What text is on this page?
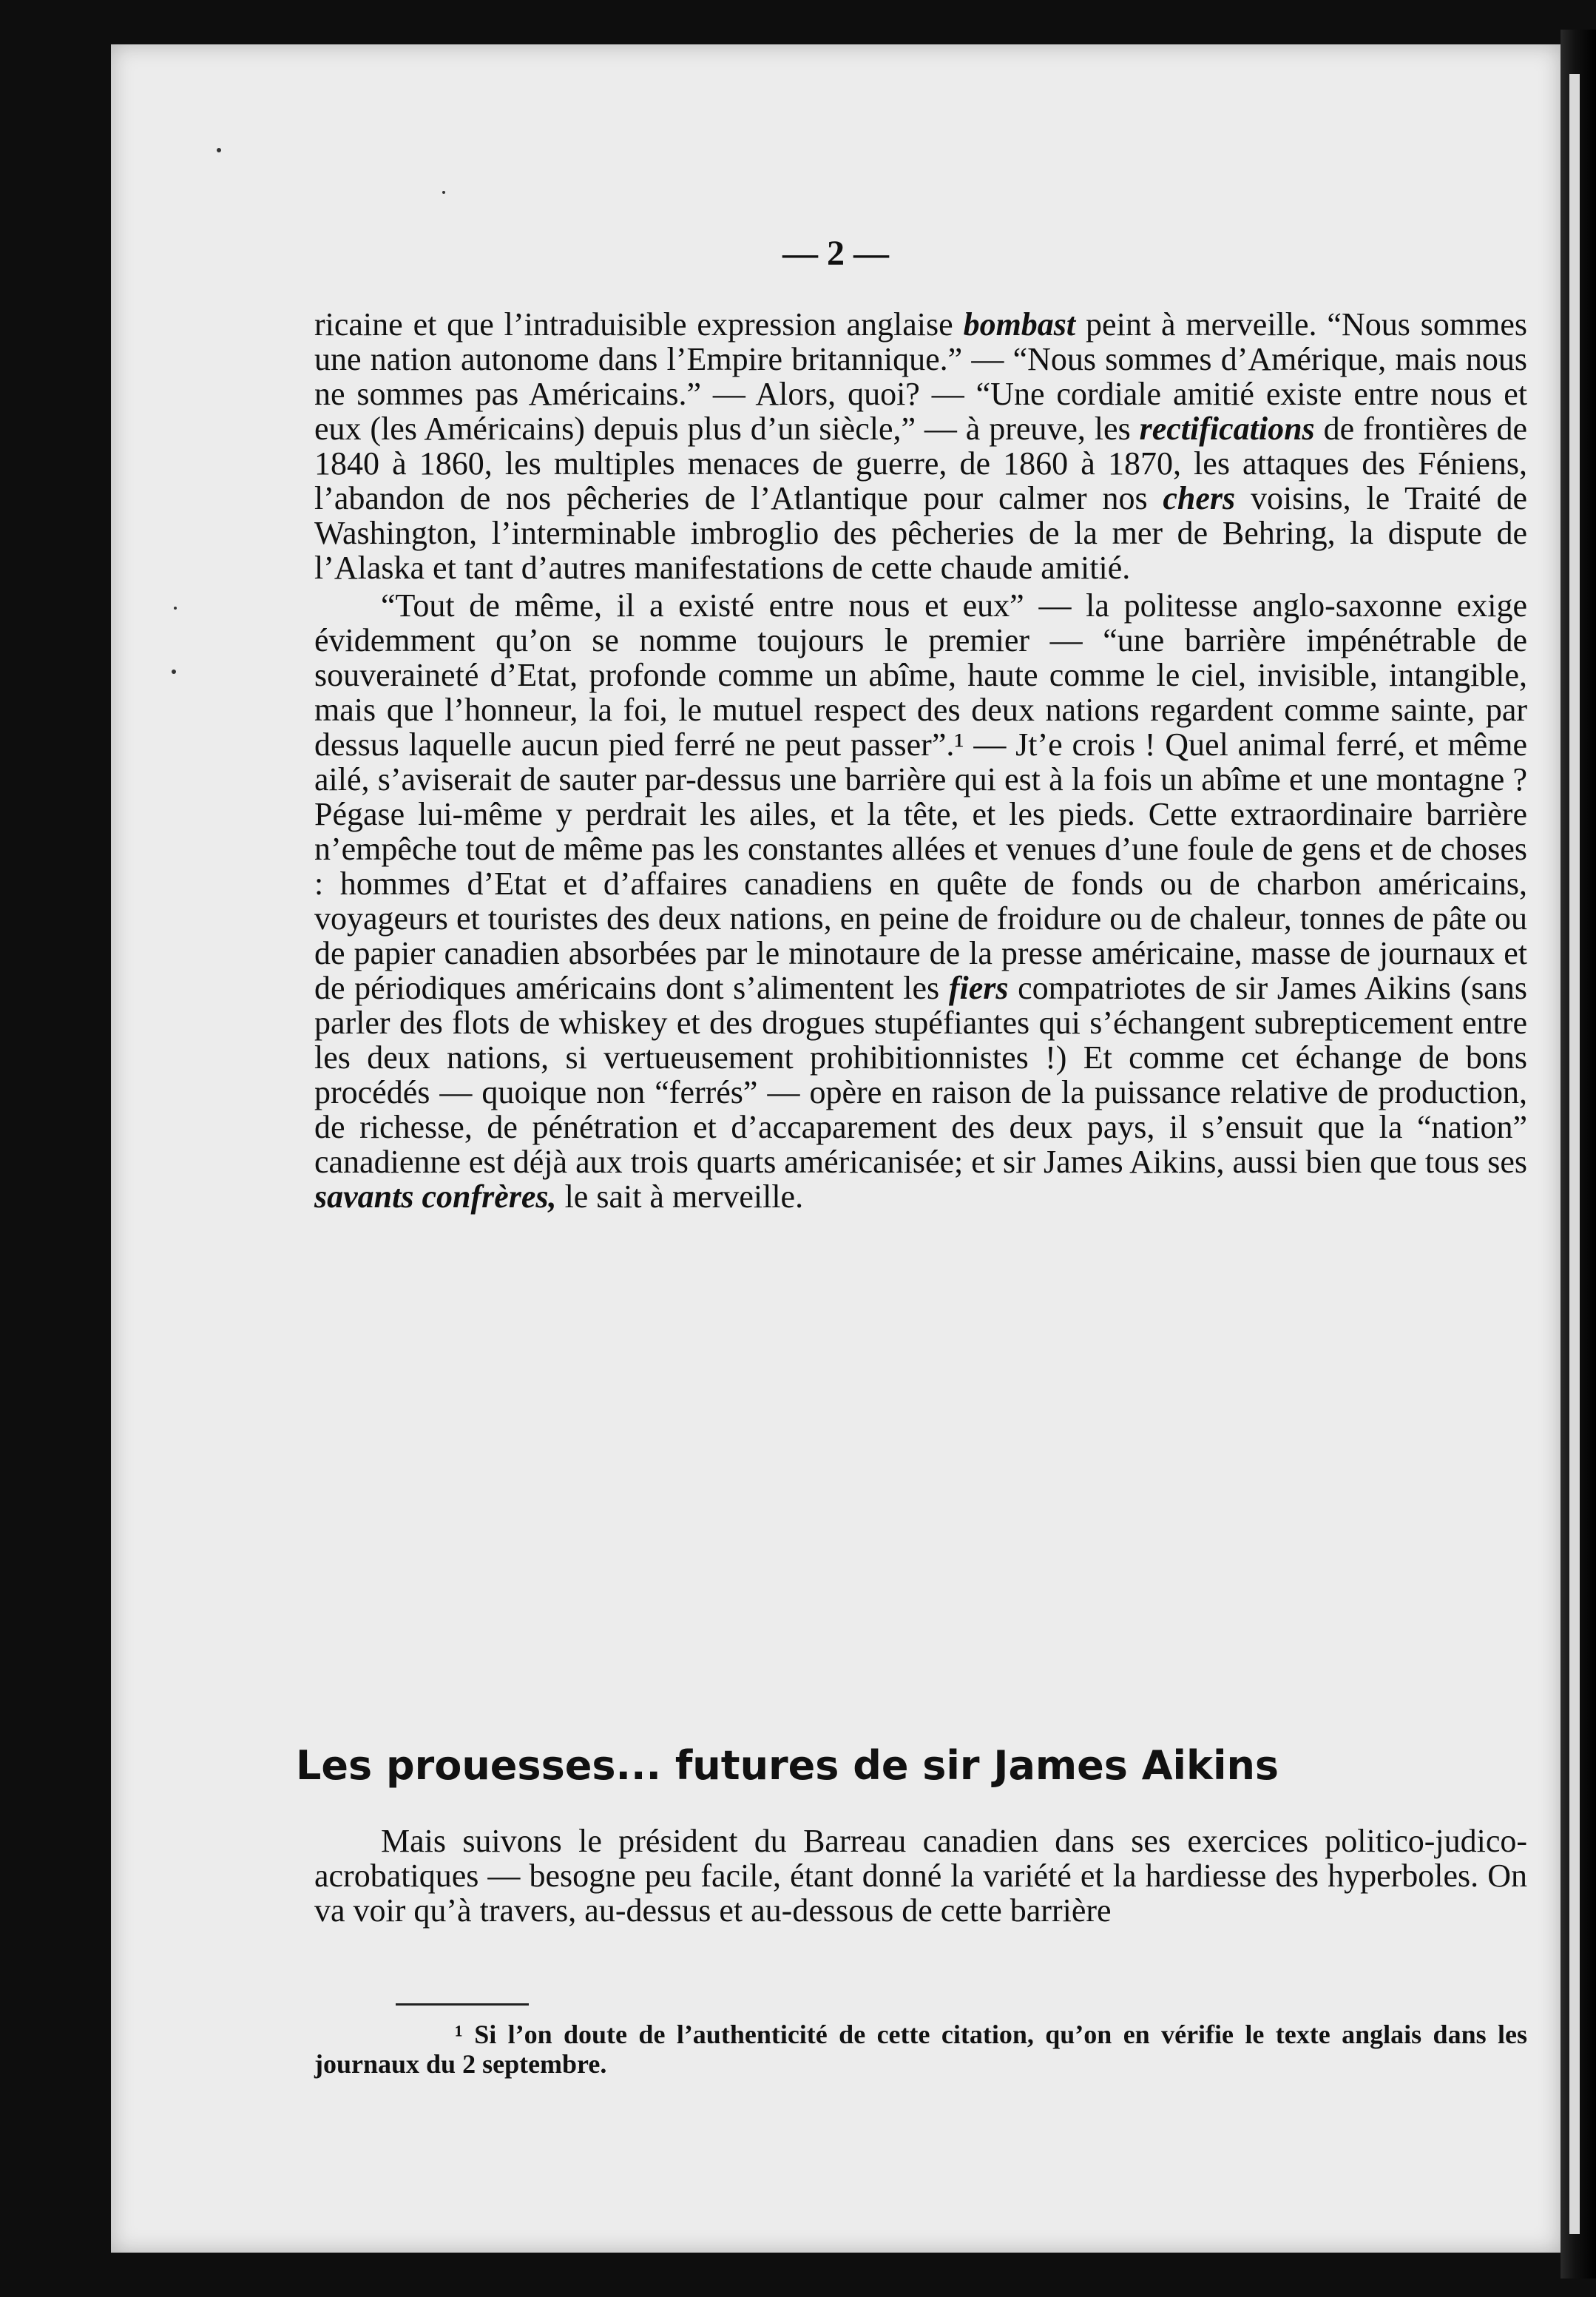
— 2 —

ricaine et que l’intraduisible expression anglaise bombast peint à merveille. “Nous sommes une nation autonome dans l’Empire britannique.” — “Nous sommes d’Amérique, mais nous ne sommes pas Américains.” — Alors, quoi? — “Une cordiale amitié existe entre nous et eux (les Américains) depuis plus d’un siècle,” — à preuve, les rectifications de frontières de 1840 à 1860, les multiples menaces de guerre, de 1860 à 1870, les attaques des Féniens, l’abandon de nos pêcheries de l’Atlantique pour calmer nos chers voisins, le Traité de Washington, l’interminable imbroglio des pêcheries de la mer de Behring, la dispute de l’Alaska et tant d’autres manifestations de cette chaude amitié.

“Tout de même, il a existé entre nous et eux” — la politesse anglo-saxonne exige évidemment qu’on se nomme toujours le premier — “une barrière impénétrable de souveraineté d’Etat, profonde comme un abîme, haute comme le ciel, invisible, intangible, mais que l’honneur, la foi, le mutuel respect des deux nations regardent comme sainte, par dessus laquelle aucun pied ferré ne peut passer”.¹ — Jt’e crois ! Quel animal ferré, et même ailé, s’aviserait de sauter par-dessus une barrière qui est à la fois un abîme et une montagne ? Pégase lui-même y perdrait les ailes, et la tête, et les pieds. Cette extraordinaire barrière n’empêche tout de même pas les constantes allées et venues d’une foule de gens et de choses : hommes d’Etat et d’affaires canadiens en quête de fonds ou de charbon américains, voyageurs et touristes des deux nations, en peine de froidure ou de chaleur, tonnes de pâte ou de papier canadien absorbées par le minotaure de la presse américaine, masse de journaux et de périodiques américains dont s’alimentent les fiers compatriotes de sir James Aikins (sans parler des flots de whiskey et des drogues stupéfiantes qui s’échangent subrepticement entre les deux nations, si vertueusement prohibitionnistes !) Et comme cet échange de bons procédés — quoique non “ferrés” — opère en raison de la puissance relative de production, de richesse, de pénétration et d’accaparement des deux pays, il s’ensuit que la “nation” canadienne est déjà aux trois quarts américanisée; et sir James Aikins, aussi bien que tous ses savants confrères, le sait à merveille.

Les prouesses... futures de sir James Aikins
Mais suivons le président du Barreau canadien dans ses exercices politico-judico-acrobatiques — besogne peu facile, étant donné la variété et la hardiesse des hyperboles. On va voir qu’à travers, au-dessus et au-dessous de cette barrière
¹ Si l’on doute de l’authenticité de cette citation, qu’on en vérifie le texte anglais dans les journaux du 2 septembre.
